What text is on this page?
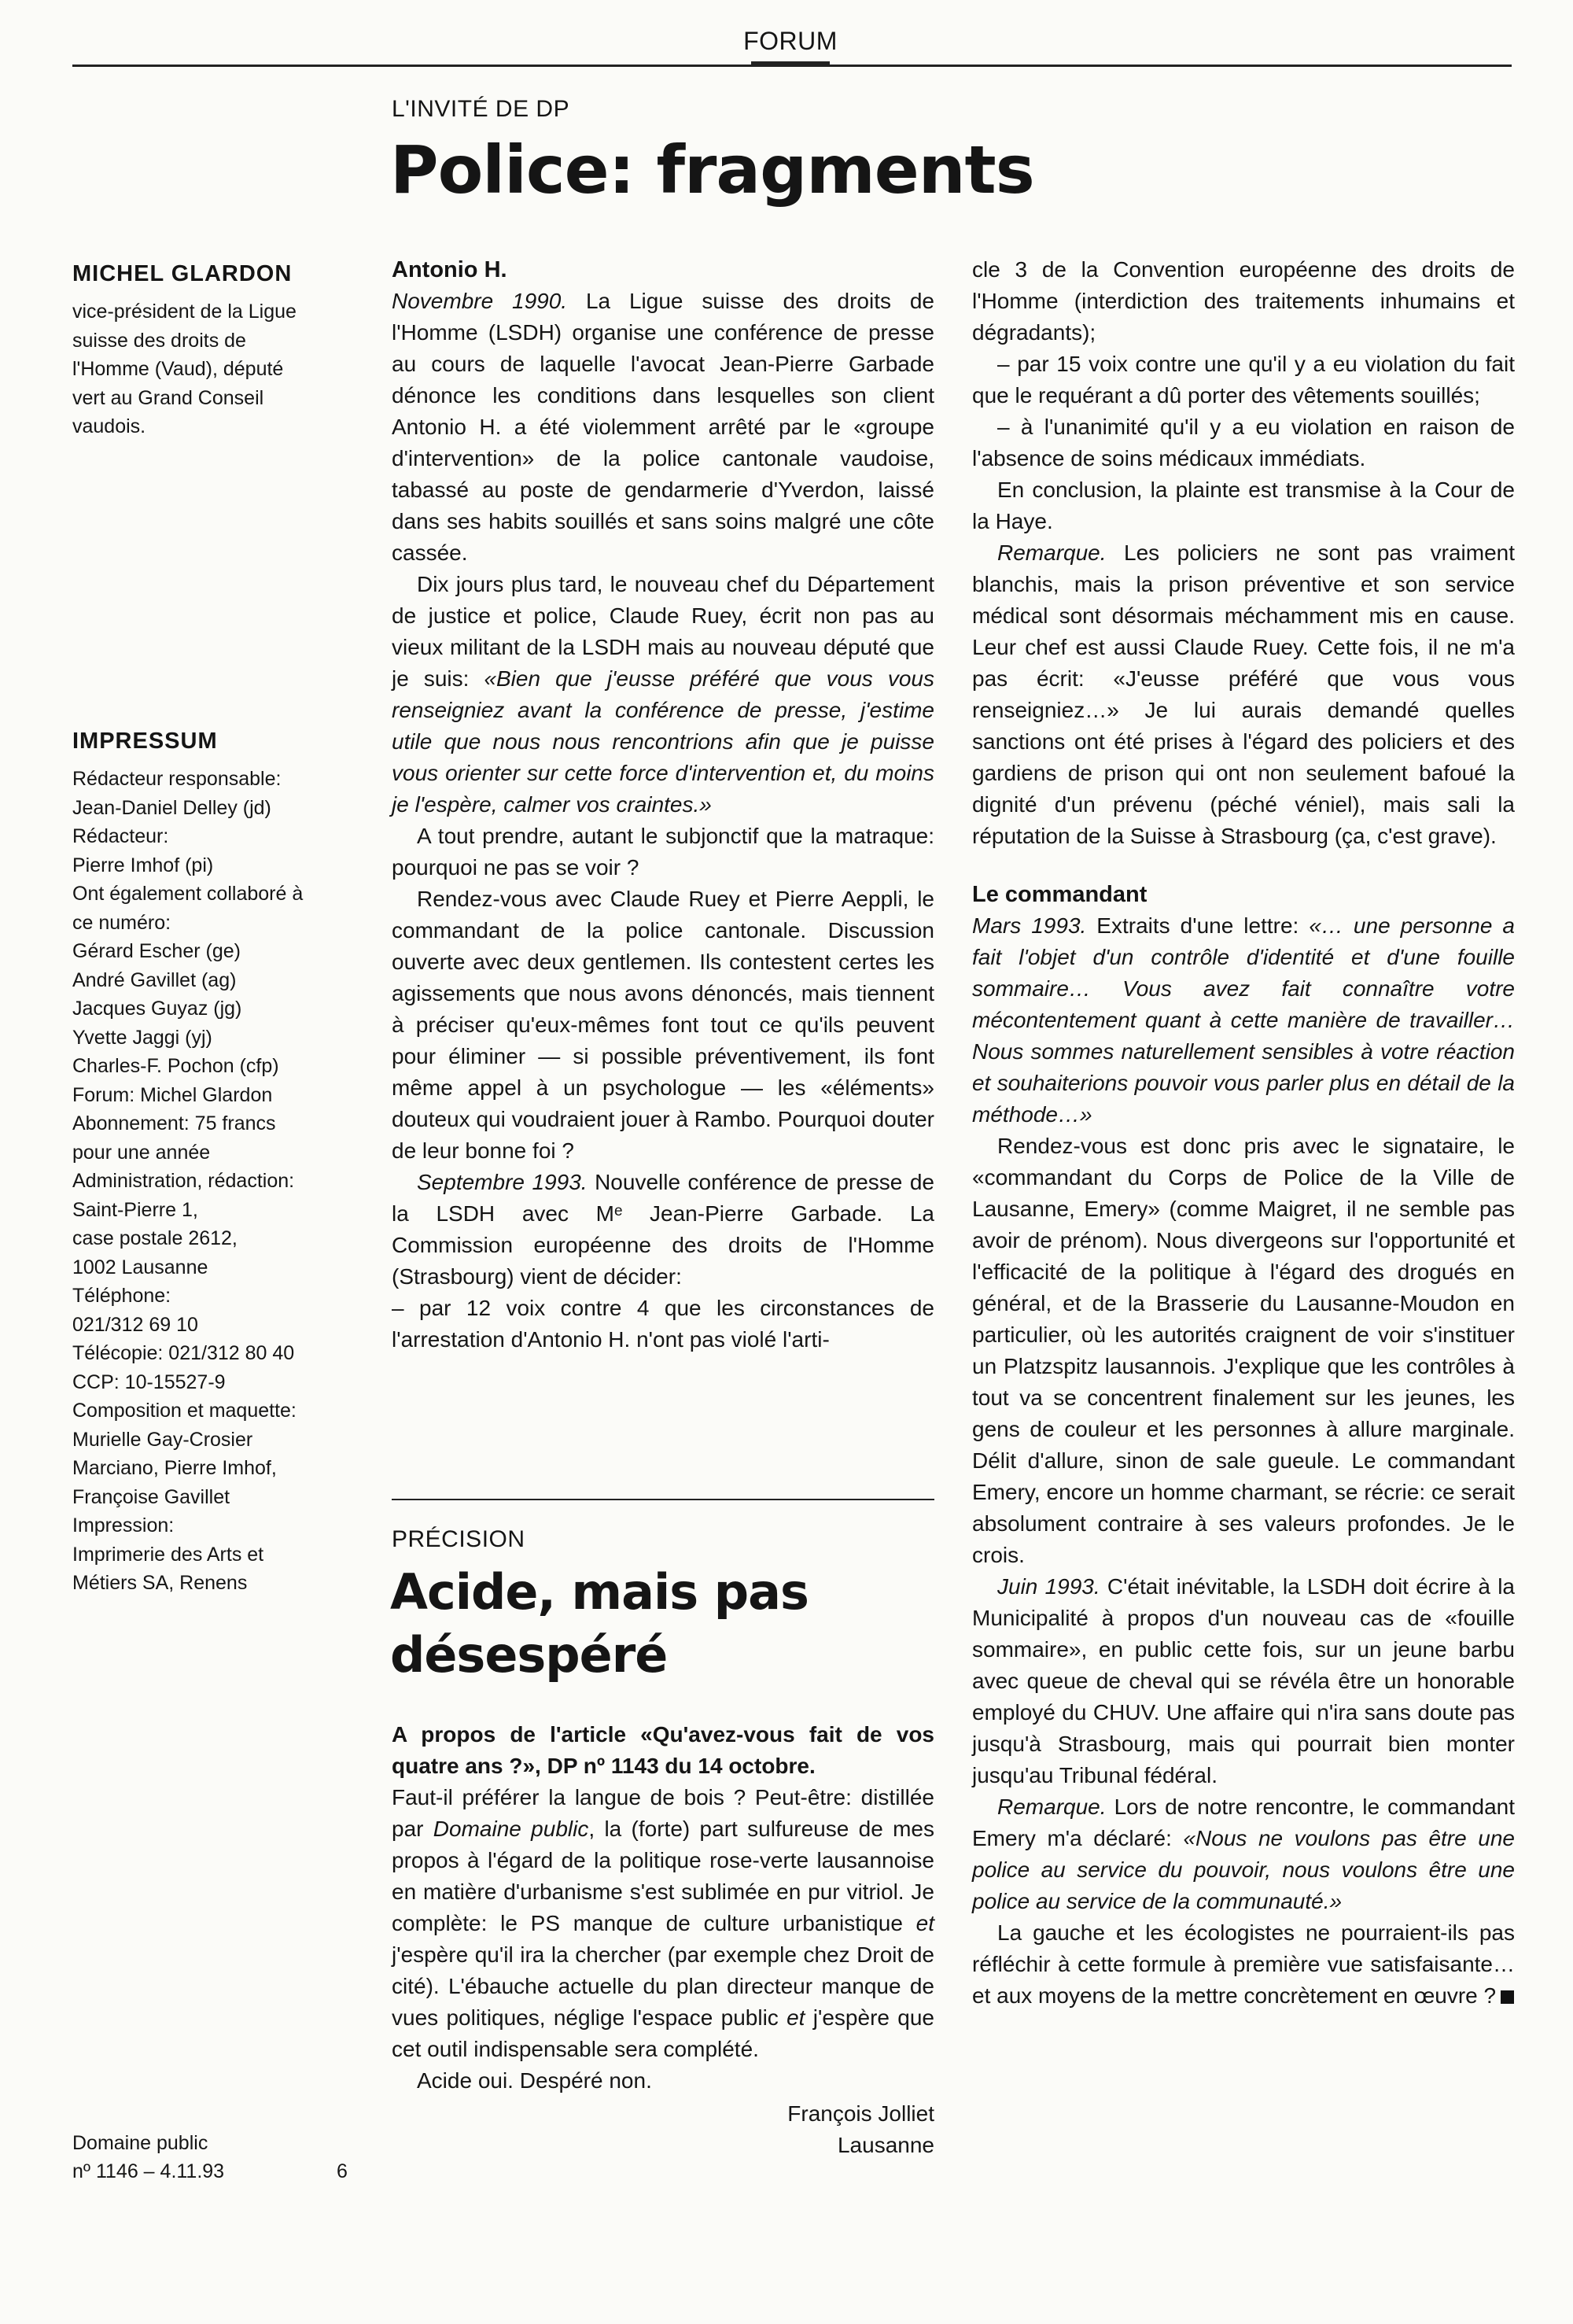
FORUM
MICHEL GLARDON
vice-président de la Ligue
suisse des droits de
l'Homme (Vaud), député
vert au Grand Conseil
vaudois.
IMPRESSUM
Rédacteur responsable:
Jean-Daniel Delley (jd)
Rédacteur:
Pierre Imhof (pi)
Ont également collaboré à
ce numéro:
Gérard Escher (ge)
André Gavillet (ag)
Jacques Guyaz (jg)
Yvette Jaggi (yj)
Charles-F. Pochon (cfp)
Forum: Michel Glardon
Abonnement: 75 francs
pour une année
Administration, rédaction:
Saint-Pierre 1,
case postale 2612,
1002 Lausanne
Téléphone:
021/312 69 10
Télécopie: 021/312 80 40
CCP: 10-15527-9
Composition et maquette:
Murielle Gay-Crosier
Marciano, Pierre Imhof,
Françoise Gavillet
Impression:
Imprimerie des Arts et
Métiers SA, Renens
Domaine public
nº 1146 – 4.11.93	6
L'INVITÉ DE DP
Police: fragments
Antonio H.

Novembre 1990. La Ligue suisse des droits de l'Homme (LSDH) organise une conférence de presse au cours de laquelle l'avocat Jean-Pierre Garbade dénonce les conditions dans lesquelles son client Antonio H. a été violemment arrêté par le «groupe d'intervention» de la police cantonale vaudoise, tabassé au poste de gendarmerie d'Yverdon, laissé dans ses habits souillés et sans soins malgré une côte cassée.

Dix jours plus tard, le nouveau chef du Département de justice et police, Claude Ruey, écrit non pas au vieux militant de la LSDH mais au nouveau député que je suis: «Bien que j'eusse préféré que vous vous renseigniez avant la conférence de presse, j'estime utile que nous nous rencontrions afin que je puisse vous orienter sur cette force d'intervention et, du moins je l'espère, calmer vos craintes.»

A tout prendre, autant le subjonctif que la matraque: pourquoi ne pas se voir ?

Rendez-vous avec Claude Ruey et Pierre Aeppli, le commandant de la police cantonale. Discussion ouverte avec deux gentlemen. Ils contestent certes les agissements que nous avons dénoncés, mais tiennent à préciser qu'eux-mêmes font tout ce qu'ils peuvent pour éliminer — si possible préventivement, ils font même appel à un psychologue — les «éléments» douteux qui voudraient jouer à Rambo. Pourquoi douter de leur bonne foi ?

Septembre 1993. Nouvelle conférence de presse de la LSDH avec Mᵉ Jean-Pierre Garbade. La Commission européenne des droits de l'Homme (Strasbourg) vient de décider:

– par 12 voix contre 4 que les circonstances de l'arrestation d'Antonio H. n'ont pas violé l'arti-

PRÉCISION
Acide, mais pas
désespéré

A propos de l'article «Qu'avez-vous fait de vos quatre ans ?», DP nº 1143 du 14 octobre.

Faut-il préférer la langue de bois ? Peut-être: distillée par Domaine public, la (forte) part sulfureuse de mes propos à l'égard de la politique rose-verte lausannoise en matière d'urbanisme s'est sublimée en pur vitriol. Je complète: le PS manque de culture urbanistique et j'espère qu'il ira la chercher (par exemple chez Droit de cité). L'ébauche actuelle du plan directeur manque de vues politiques, néglige l'espace public et j'espère que cet outil indispensable sera complété.

Acide oui. Despéré non.

François Jolliet

Lausanne

cle 3 de la Convention européenne des droits de l'Homme (interdiction des traitements inhumains et dégradants);

– par 15 voix contre une qu'il y a eu violation du fait que le requérant a dû porter des vêtements souillés;

– à l'unanimité qu'il y a eu violation en raison de l'absence de soins médicaux immédiats.

En conclusion, la plainte est transmise à la Cour de la Haye.

Remarque. Les policiers ne sont pas vraiment blanchis, mais la prison préventive et son service médical sont désormais méchamment mis en cause. Leur chef est aussi Claude Ruey. Cette fois, il ne m'a pas écrit: «J'eusse préféré que vous vous renseigniez…» Je lui aurais demandé quelles sanctions ont été prises à l'égard des policiers et des gardiens de prison qui ont non seulement bafoué la dignité d'un prévenu (péché véniel), mais sali la réputation de la Suisse à Strasbourg (ça, c'est grave).

Le commandant

Mars 1993. Extraits d'une lettre: «… une personne a fait l'objet d'un contrôle d'identité et d'une fouille sommaire… Vous avez fait connaître votre mécontentement quant à cette manière de travailler… Nous sommes naturellement sensibles à votre réaction et souhaiterions pouvoir vous parler plus en détail de la méthode…»

Rendez-vous est donc pris avec le signataire, le «commandant du Corps de Police de la Ville de Lausanne, Emery» (comme Maigret, il ne semble pas avoir de prénom). Nous divergeons sur l'opportunité et l'efficacité de la politique à l'égard des drogués en général, et de la Brasserie du Lausanne-Moudon en particulier, où les autorités craignent de voir s'instituer un Platzspitz lausannois. J'explique que les contrôles à tout va se concentrent finalement sur les jeunes, les gens de couleur et les personnes à allure marginale. Délit d'allure, sinon de sale gueule. Le commandant Emery, encore un homme charmant, se récrie: ce serait absolument contraire à ses valeurs profondes. Je le crois.

Juin 1993. C'était inévitable, la LSDH doit écrire à la Municipalité à propos d'un nouveau cas de «fouille sommaire», en public cette fois, sur un jeune barbu avec queue de cheval qui se révéla être un honorable employé du CHUV. Une affaire qui n'ira sans doute pas jusqu'à Strasbourg, mais qui pourrait bien monter jusqu'au Tribunal fédéral.

Remarque. Lors de notre rencontre, le commandant Emery m'a déclaré: «Nous ne voulons pas être une police au service du pouvoir, nous voulons être une police au service de la communauté.»

La gauche et les écologistes ne pourraient-ils pas réfléchir à cette formule à première vue satisfaisante… et aux moyens de la mettre concrètement en œuvre ?
